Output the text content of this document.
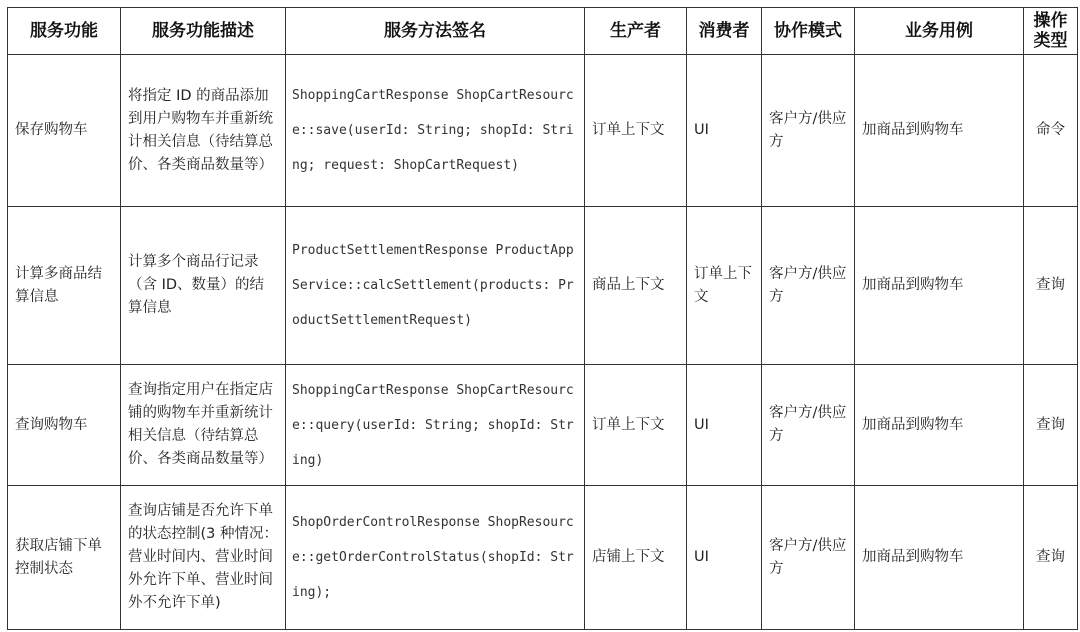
服务功能	服务功能描述	服务方法签名	生产者	消费者	协作模式	业务用例	操作类型
保存购物车	将指定 ID 的商品添加到用户购物车并重新统计相关信息（待结算总价、各类商品数量等）	ShoppingCartResponse ShopCartResource::save(userId: String; shopId: String; request: ShopCartRequest)	订单上下文	UI	客户方/供应方	加商品到购物车	命令
计算多商品结算信息	计算多个商品行记录（含 ID、数量）的结算信息	ProductSettlementResponse ProductAppService::calcSettlement(products: ProductSettlementRequest)	商品上下文	订单上下文	客户方/供应方	加商品到购物车	查询
查询购物车	查询指定用户在指定店铺的购物车并重新统计相关信息（待结算总价、各类商品数量等）	ShoppingCartResponse ShopCartResource::query(userId: String; shopId: String)	订单上下文	UI	客户方/供应方	加商品到购物车	查询
获取店铺下单控制状态	查询店铺是否允许下单的状态控制(3 种情况：营业时间内、营业时间外允许下单、营业时间外不允许下单)	ShopOrderControlResponse ShopResource::getOrderControlStatus(shopId: String);	店铺上下文	UI	客户方/供应方	加商品到购物车	查询
